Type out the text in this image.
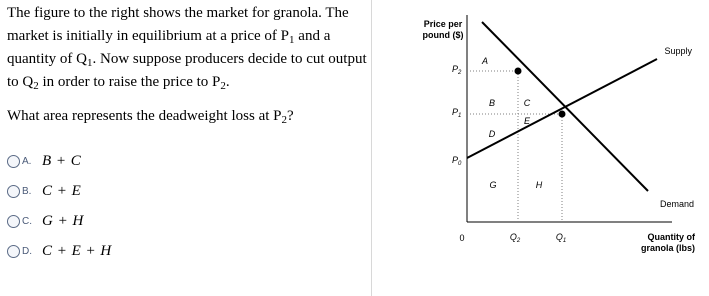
The figure to the right shows the market for granola. The
market is initially in equilibrium at a price of $P_1$ and a
quantity of $Q_1$. Now suppose producers decide to cut output
to $Q_2$ in order to raise the price to $P_2$.
What area represents the deadweight loss at $P_2$?
A. B + C
B. C + E
C. G + H
D. C + E + H
Price per
pound ($)
$P_2$
$P_1$
$P_0$
0	$Q_2$	$Q_1$
A
B	C
D
E
G	H
Supply
Demand
Quantity of
granola (lbs)
